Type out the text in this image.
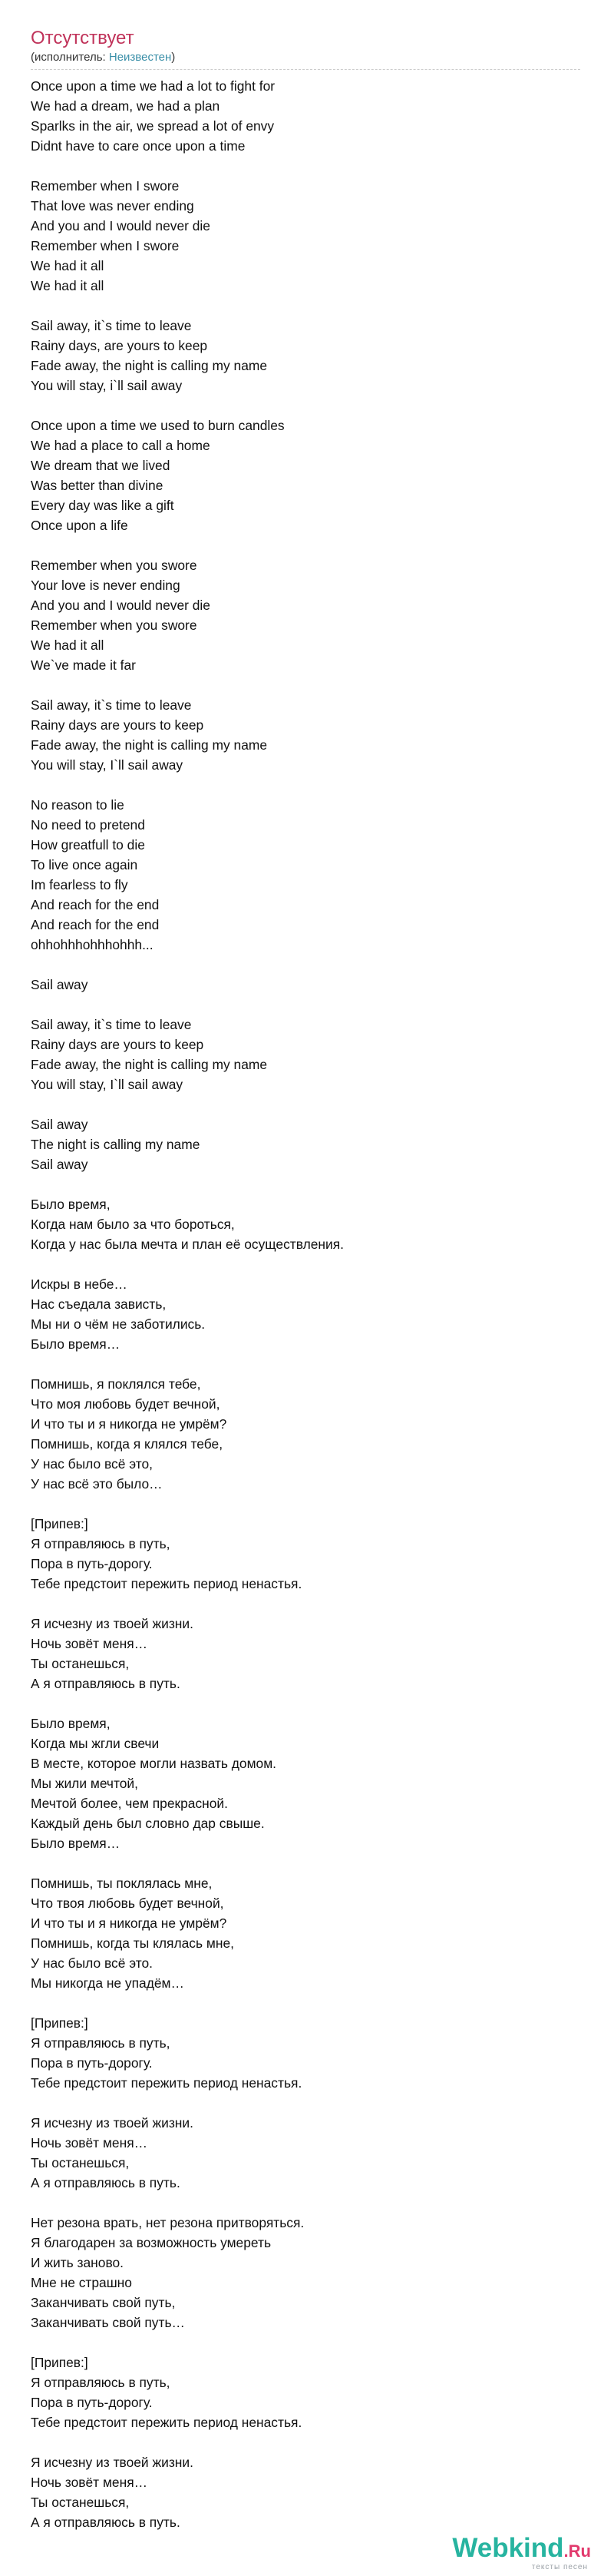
Отсутствует
(исполнитель: Неизвестен)
Once upon a time we had a lot to fight for
We had a dream, we had a plan
Sparlks in the air, we spread a lot of envy
Didnt have to care once upon a time
Remember when I swore
That love was never ending
And you and I would never die
Remember when I swore
We had it all
We had it all
Sail away, it`s time to leave
Rainy days, are yours to keep
Fade away, the night is calling my name
You will stay, i`ll sail away
Once upon a time we used to burn candles
We had a place to call a home
We dream that we lived
Was better than divine
Every day was like a gift
Once upon a life
Remember when you swore
Your love is never ending
And you and I would never die
Remember when you swore
We had it all
We`ve made it far
Sail away, it`s time to leave
Rainy days are yours to keep
Fade away, the night is calling my name
You will stay, I`ll sail away
No reason to lie
No need to pretend
How greatfull to die
To live once again
Im fearless to fly
And reach for the end
And reach for the end
ohhohhhohhhohhh...
Sail away
Sail away, it`s time to leave
Rainy days are yours to keep
Fade away, the night is calling my name
You will stay, I`ll sail away
Sail away
The night is calling my name
Sail away
Было время,
Когда нам было за что бороться,
Когда у нас была мечта и план её осуществления.
Искры в небе…
Нас съедала зависть,
Мы ни о чём не заботились.
Было время…
Помнишь, я поклялся тебе,
Что моя любовь будет вечной,
И что ты и я никогда не умрём?
Помнишь, когда я клялся тебе,
У нас было всё это,
У нас всё это было…
[Припев:]
Я отправляюсь в путь,
Пора в путь-дорогу.
Тебе предстоит пережить период ненастья.
Я исчезну из твоей жизни.
Ночь зовёт меня…
Ты останешься,
А я отправляюсь в путь.
Было время,
Когда мы жгли свечи
В месте, которое могли назвать домом.
Мы жили мечтой,
Мечтой более, чем прекрасной.
Каждый день был словно дар свыше.
Было время…
Помнишь, ты поклялась мне,
Что твоя любовь будет вечной,
И что ты и я никогда не умрём?
Помнишь, когда ты клялась мне,
У нас было всё это.
Мы никогда не упадём…
[Припев:]
Я отправляюсь в путь,
Пора в путь-дорогу.
Тебе предстоит пережить период ненастья.
Я исчезну из твоей жизни.
Ночь зовёт меня…
Ты останешься,
А я отправляюсь в путь.
Нет резона врать, нет резона притворяться.
Я благодарен за возможность умереть
И жить заново.
Мне не страшно
Заканчивать свой путь,
Заканчивать свой путь…
[Припев:]
Я отправляюсь в путь,
Пора в путь-дорогу.
Тебе предстоит пережить период ненастья.
Я исчезну из твоей жизни.
Ночь зовёт меня…
Ты останешься,
А я отправляюсь в путь.
Webkind.Ru
тексты песен
